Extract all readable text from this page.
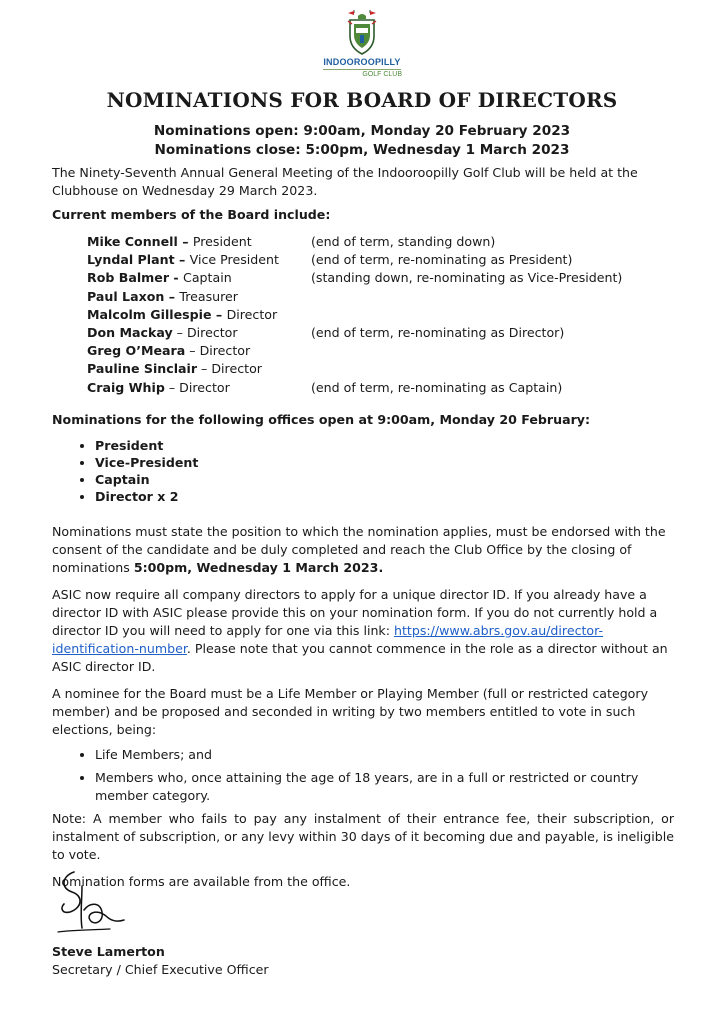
INDOOROOPILLY
GOLF CLUB
NOMINATIONS FOR BOARD OF DIRECTORS
Nominations open: 9:00am, Monday 20 February 2023
Nominations close: 5:00pm, Wednesday 1 March 2023

The Ninety-Seventh Annual General Meeting of the Indooroopilly Golf Club will be held at the Clubhouse on Wednesday 29 March 2023.

Current members of the Board include:

Mike Connell – President	(end of term, standing down)
Lyndal Plant – Vice President	(end of term, re-nominating as President)
Rob Balmer - Captain	(standing down, re-nominating as Vice-President)
Paul Laxon – Treasurer	
Malcolm Gillespie – Director	
Don Mackay – Director	(end of term, re-nominating as Director)
Greg O’Meara – Director	
Pauline Sinclair – Director	
Craig Whip – Director	(end of term, re-nominating as Captain)

Nominations for the following offices open at 9:00am, Monday 20 February:

• President
• Vice-President
• Captain
• Director x 2

Nominations must state the position to which the nomination applies, must be endorsed with the consent of the candidate and be duly completed and reach the Club Office by the closing of nominations 5:00pm, Wednesday 1 March 2023.

ASIC now require all company directors to apply for a unique director ID. If you already have a director ID with ASIC please provide this on your nomination form. If you do not currently hold a director ID you will need to apply for one via this link: https://www.abrs.gov.au/director-identification-number. Please note that you cannot commence in the role as a director without an ASIC director ID.

A nominee for the Board must be a Life Member or Playing Member (full or restricted category member) and be proposed and seconded in writing by two members entitled to vote in such elections, being:

• Life Members; and
• Members who, once attaining the age of 18 years, are in a full or restricted or country member category.

Note: A member who fails to pay any instalment of their entrance fee, their subscription, or instalment of subscription, or any levy within 30 days of it becoming due and payable, is ineligible to vote.

Nomination forms are available from the office.

Steve Lamerton
Secretary / Chief Executive Officer
